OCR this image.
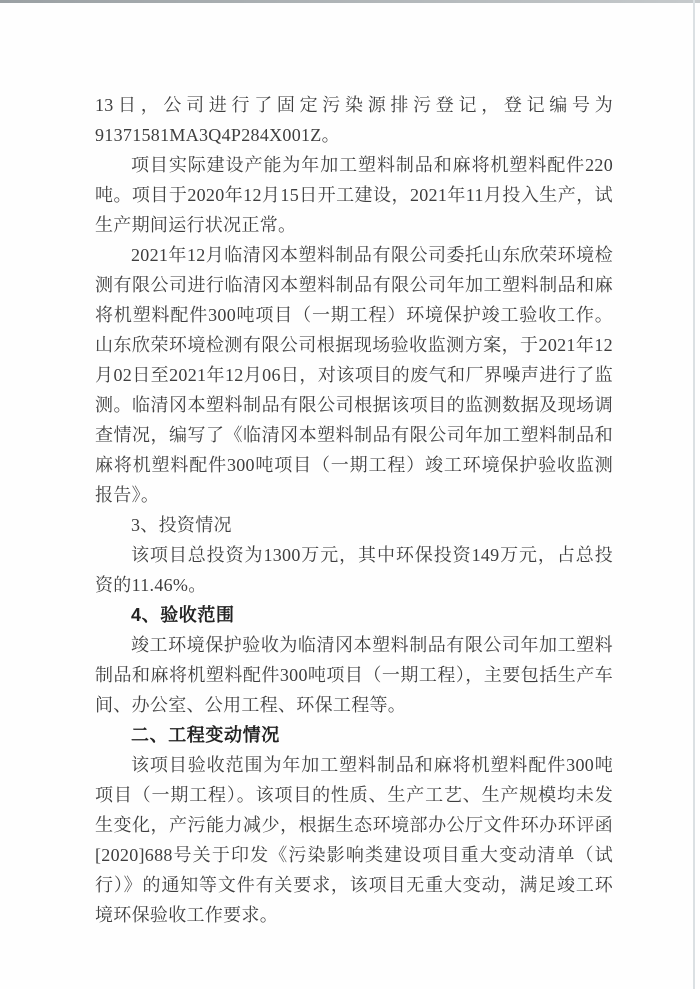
13日，公司进行了固定污染源排污登记，登记编号为91371581MA3Q4P284X001Z。

项目实际建设产能为年加工塑料制品和麻将机塑料配件220吨。项目于2020年12月15日开工建设，2021年11月投入生产，试生产期间运行状况正常。

2021年12月临清冈本塑料制品有限公司委托山东欣荣环境检测有限公司进行临清冈本塑料制品有限公司年加工塑料制品和麻将机塑料配件300吨项目（一期工程）环境保护竣工验收工作。山东欣荣环境检测有限公司根据现场验收监测方案，于2021年12月02日至2021年12月06日，对该项目的废气和厂界噪声进行了监测。临清冈本塑料制品有限公司根据该项目的监测数据及现场调查情况，编写了《临清冈本塑料制品有限公司年加工塑料制品和麻将机塑料配件300吨项目（一期工程）竣工环境保护验收监测报告》。

3、投资情况

该项目总投资为1300万元，其中环保投资149万元，占总投资的11.46%。

4、验收范围

竣工环境保护验收为临清冈本塑料制品有限公司年加工塑料制品和麻将机塑料配件300吨项目（一期工程），主要包括生产车间、办公室、公用工程、环保工程等。

二、工程变动情况

该项目验收范围为年加工塑料制品和麻将机塑料配件300吨项目（一期工程）。该项目的性质、生产工艺、生产规模均未发生变化，产污能力减少，根据生态环境部办公厅文件环办环评函[2020]688号关于印发《污染影响类建设项目重大变动清单（试行）》的通知等文件有关要求，该项目无重大变动，满足竣工环境环保验收工作要求。
